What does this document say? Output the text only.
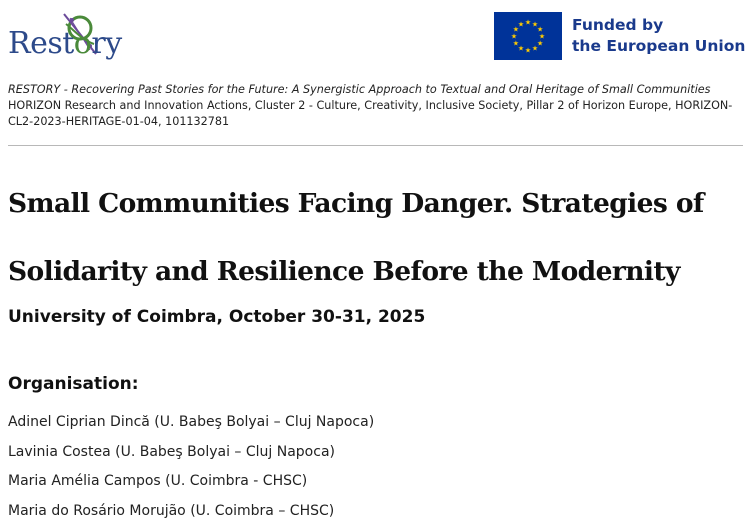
Restory
★ ★
★
★
★
★
★
★
★
★
★
★	Funded by
the European Union
RESTORY - Recovering Past Stories for the Future: A Synergistic Approach to Textual and Oral Heritage of Small Communities
HORIZON Research and Innovation Actions, Cluster 2 - Culture, Creativity, Inclusive Society, Pillar 2 of Horizon Europe, HORIZON-CL2-2023-HERITAGE-01-04, 101132781
Small Communities Facing Danger. Strategies of Solidarity and Resilience Before the Modernity
University of Coimbra, October 30-31, 2025
Organisation:
Adinel Ciprian Dincă (U. Babeş Bolyai – Cluj Napoca)
Lavinia Costea (U. Babeş Bolyai – Cluj Napoca)
Maria Amélia Campos (U. Coimbra - CHSC)
Maria do Rosário Morujão (U. Coimbra – CHSC)
